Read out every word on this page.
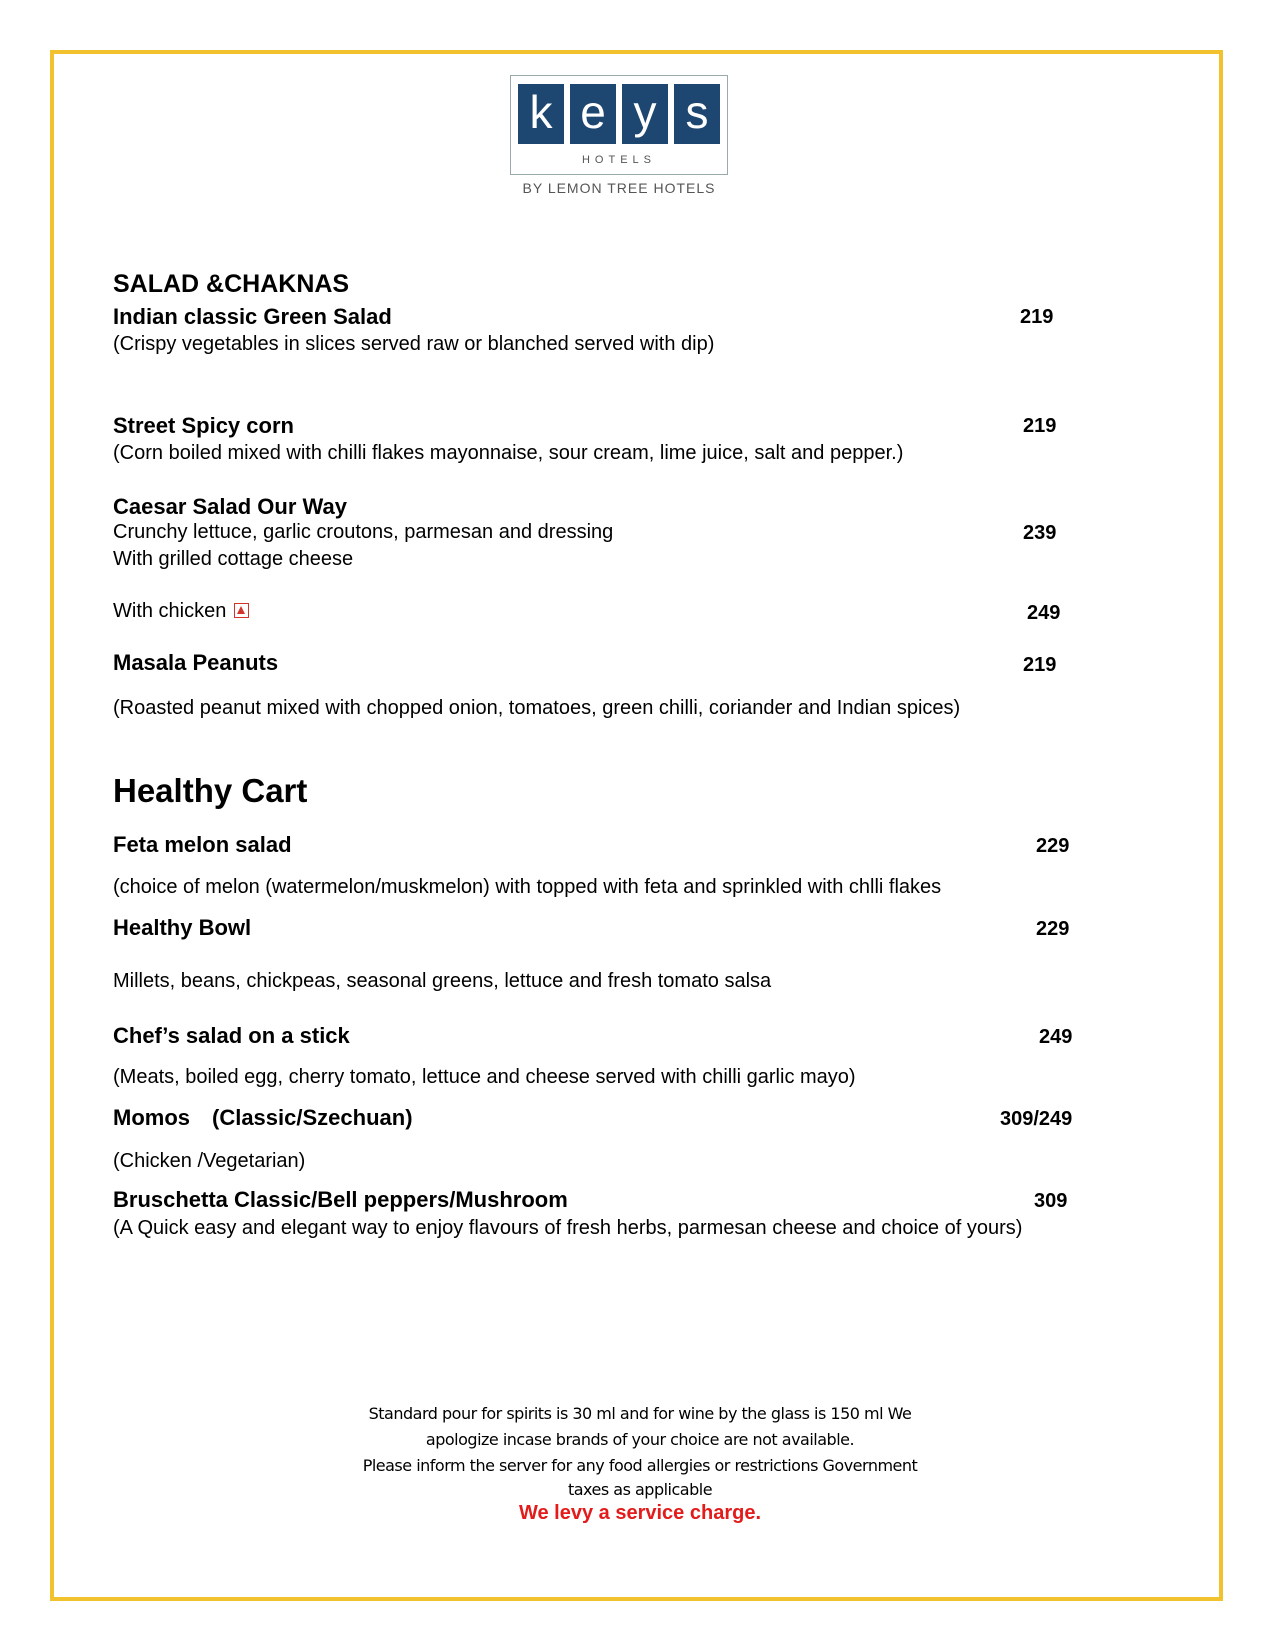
k e y s
HOTELS
BY LEMON TREE HOTELS
SALAD &CHAKNAS
Indian classic Green Salad	219
(Crispy vegetables in slices served raw or blanched served with dip)
Street Spicy corn	219
(Corn boiled mixed with chilli flakes mayonnaise, sour cream, lime juice, salt and pepper.)
Caesar Salad Our Way
Crunchy lettuce, garlic croutons, parmesan and dressing	239
With grilled cottage cheese
With chicken	249
Masala Peanuts	219
(Roasted peanut mixed with chopped onion, tomatoes, green chilli, coriander and Indian spices)
Healthy Cart
Feta melon salad	229
(choice of melon (watermelon/muskmelon) with topped with feta and sprinkled with chlli flakes
Healthy Bowl	229
Millets, beans, chickpeas, seasonal greens, lettuce and fresh tomato salsa
Chef’s salad on a stick	249
(Meats, boiled egg, cherry tomato, lettuce and cheese served with chilli garlic mayo)
Momos (Classic/Szechuan)	309/249
(Chicken /Vegetarian)
Bruschetta Classic/Bell peppers/Mushroom	309
(A Quick easy and elegant way to enjoy flavours of fresh herbs, parmesan cheese and choice of yours)
Standard pour for spirits is 30 ml and for wine by the glass is 150 ml We
apologize incase brands of your choice are not available.
Please inform the server for any food allergies or restrictions Government
taxes as applicable
We levy a service charge.
